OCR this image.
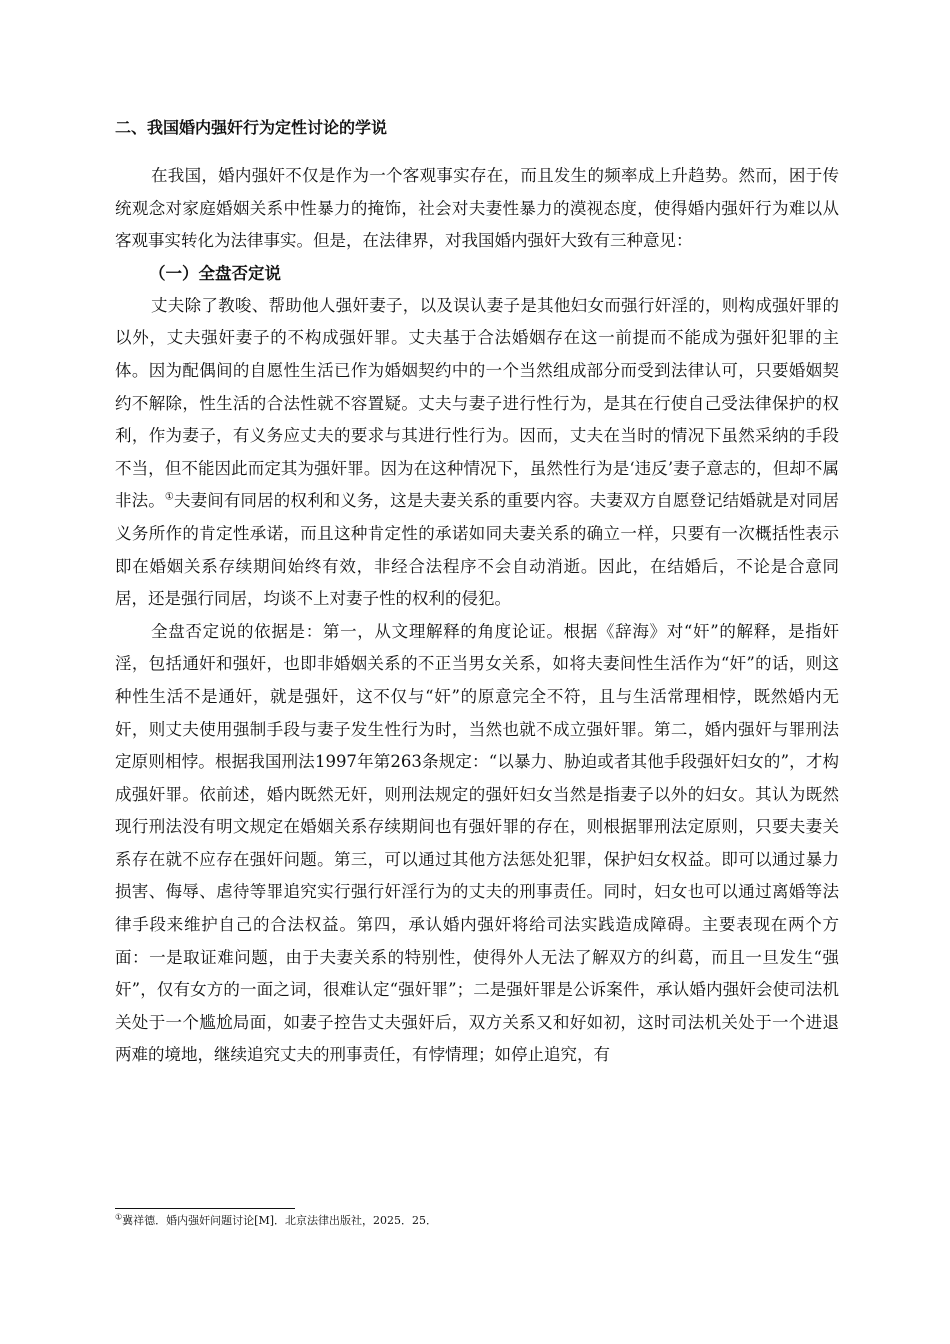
二、我国婚内强奸行为定性讨论的学说

在我国，婚内强奸不仅是作为一个客观事实存在，而且发生的频率成上升趋势。然而，困于传统观念对家庭婚姻关系中性暴力的掩饰，社会对夫妻性暴力的漠视态度，使得婚内强奸行为难以从客观事实转化为法律事实。但是，在法律界，对我国婚内强奸大致有三种意见：

（一）全盘否定说

丈夫除了教唆、帮助他人强奸妻子，以及误认妻子是其他妇女而强行奸淫的，则构成强奸罪的以外，丈夫强奸妻子的不构成强奸罪。丈夫基于合法婚姻存在这一前提而不能成为强奸犯罪的主体。因为配偶间的自愿性生活已作为婚姻契约中的一个当然组成部分而受到法律认可，只要婚姻契约不解除，性生活的合法性就不容置疑。丈夫与妻子进行性行为，是其在行使自己受法律保护的权利，作为妻子，有义务应丈夫的要求与其进行性行为。因而，丈夫在当时的情况下虽然采纳的手段不当，但不能因此而定其为强奸罪。因为在这种情况下，虽然性行为是‘违反’妻子意志的，但却不属非法。①夫妻间有同居的权利和义务，这是夫妻关系的重要内容。夫妻双方自愿登记结婚就是对同居义务所作的肯定性承诺，而且这种肯定性的承诺如同夫妻关系的确立一样，只要有一次概括性表示即在婚姻关系存续期间始终有效，非经合法程序不会自动消逝。因此，在结婚后，不论是合意同居，还是强行同居，均谈不上对妻子性的权利的侵犯。

全盘否定说的依据是：第一，从文理解释的角度论证。根据《辞海》对“奸”的解释，是指奸淫，包括通奸和强奸，也即非婚姻关系的不正当男女关系，如将夫妻间性生活作为“奸”的话，则这种性生活不是通奸，就是强奸，这不仅与“奸”的原意完全不符，且与生活常理相悖，既然婚内无奸，则丈夫使用强制手段与妻子发生性行为时，当然也就不成立强奸罪。第二，婚内强奸与罪刑法定原则相悖。根据我国刑法1997年第263条规定：“以暴力、胁迫或者其他手段强奸妇女的”，才构成强奸罪。依前述，婚内既然无奸，则刑法规定的强奸妇女当然是指妻子以外的妇女。其认为既然现行刑法没有明文规定在婚姻关系存续期间也有强奸罪的存在，则根据罪刑法定原则，只要夫妻关系存在就不应存在强奸问题。第三，可以通过其他方法惩处犯罪，保护妇女权益。即可以通过暴力损害、侮辱、虐待等罪追究实行强行奸淫行为的丈夫的刑事责任。同时，妇女也可以通过离婚等法律手段来维护自己的合法权益。第四，承认婚内强奸将给司法实践造成障碍。主要表现在两个方面：一是取证难问题，由于夫妻关系的特别性，使得外人无法了解双方的纠葛，而且一旦发生“强奸”，仅有女方的一面之词，很难认定“强奸罪”；二是强奸罪是公诉案件，承认婚内强奸会使司法机关处于一个尴尬局面，如妻子控告丈夫强奸后，双方关系又和好如初，这时司法机关处于一个进退两难的境地，继续追究丈夫的刑事责任，有悖情理；如停止追究，有

①冀祥德．婚内强奸问题讨论[M]．北京法律出版社，2025．25．
